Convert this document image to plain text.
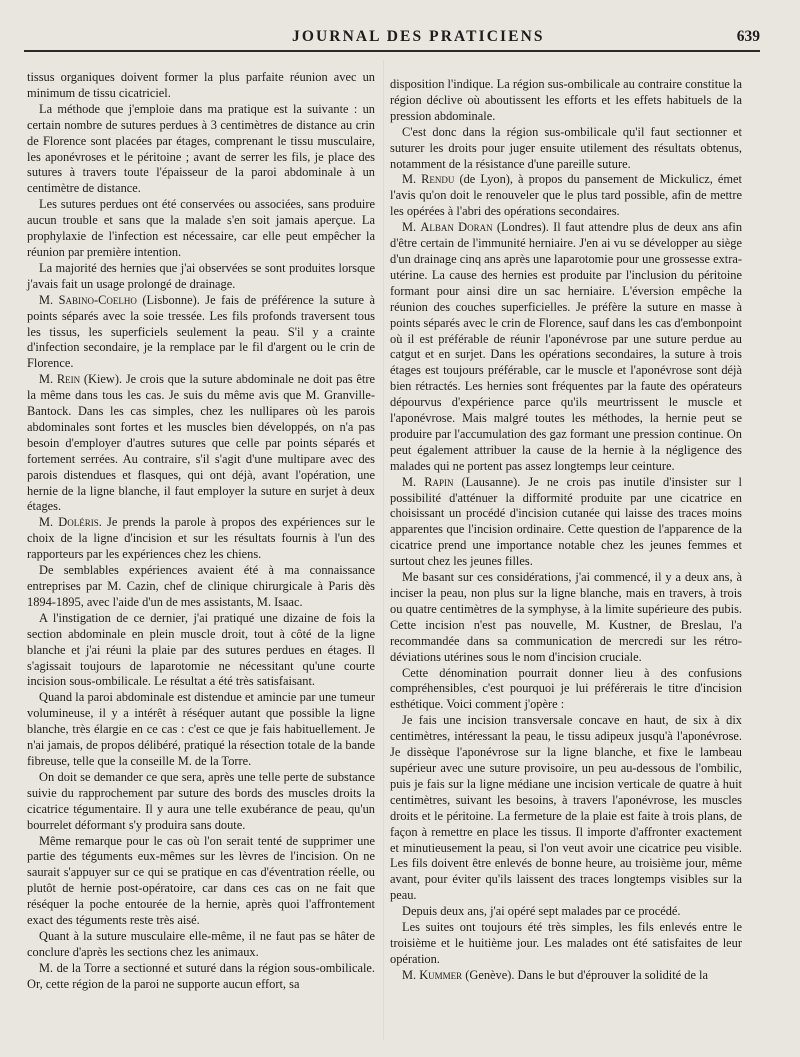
JOURNAL DES PRATICIENS	639

tissus organiques doivent former la plus parfaite réunion avec un minimum de tissu cicatriciel.

La méthode que j'emploie dans ma pratique est la suivante : un certain nombre de sutures perdues à 3 centimètres de distance au crin de Florence sont placées par étages, comprenant le tissu musculaire, les aponévroses et le péritoine ; avant de serrer les fils, je place des sutures à travers toute l'épaisseur de la paroi abdominale à un centimètre de distance.

Les sutures perdues ont été conservées ou associées, sans produire aucun trouble et sans que la malade s'en soit jamais aperçue. La prophylaxie de l'infection est nécessaire, car elle peut empêcher la réunion par première intention.

La majorité des hernies que j'ai observées se sont produites lorsque j'avais fait un usage prolongé de drainage.

M. Sabino-Coelho (Lisbonne). Je fais de préférence la suture à points séparés avec la soie tressée. Les fils profonds traversent tous les tissus, les superficiels seulement la peau. S'il y a crainte d'infection secondaire, je la remplace par le fil d'argent ou le crin de Florence.

M. Rein (Kiew). Je crois que la suture abdominale ne doit pas être la même dans tous les cas. Je suis du même avis que M. Granville-Bantock. Dans les cas simples, chez les nullipares où les parois abdominales sont fortes et les muscles bien développés, on n'a pas besoin d'employer d'autres sutures que celle par points séparés et fortement serrées. Au contraire, s'il s'agit d'une multipare avec des parois distendues et flasques, qui ont déjà, avant l'opération, une hernie de la ligne blanche, il faut employer la suture en surjet à deux étages.

M. Doléris. Je prends la parole à propos des expériences sur le choix de la ligne d'incision et sur les résultats fournis à l'un des rapporteurs par les expériences chez les chiens.

De semblables expériences avaient été à ma connaissance entreprises par M. Cazin, chef de clinique chirurgicale à Paris dès 1894-1895, avec l'aide d'un de mes assistants, M. Isaac.

A l'instigation de ce dernier, j'ai pratiqué une dizaine de fois la section abdominale en plein muscle droit, tout à côté de la ligne blanche et j'ai réuni la plaie par des sutures perdues en étages. Il s'agissait toujours de laparotomie ne nécessitant qu'une courte incision sous-ombilicale. Le résultat a été très satisfaisant.

Quand la paroi abdominale est distendue et amincie par une tumeur volumineuse, il y a intérêt à réséquer autant que possible la ligne blanche, très élargie en ce cas : c'est ce que je fais habituellement. Je n'ai jamais, de propos délibéré, pratiqué la résection totale de la bande fibreuse, telle que la conseille M. de la Torre.

On doit se demander ce que sera, après une telle perte de substance suivie du rapprochement par suture des bords des muscles droits la cicatrice tégumentaire. Il y aura une telle exubérance de peau, qu'un bourrelet déformant s'y produira sans doute.

Même remarque pour le cas où l'on serait tenté de supprimer une partie des téguments eux-mêmes sur les lèvres de l'incision. On ne saurait s'appuyer sur ce qui se pratique en cas d'éventration réelle, ou plutôt de hernie post-opératoire, car dans ces cas on ne fait que réséquer la poche entourée de la hernie, après quoi l'affrontement exact des téguments reste très aisé.

Quant à la suture musculaire elle-même, il ne faut pas se hâter de conclure d'après les sections chez les animaux.

M. de la Torre a sectionné et suturé dans la région sous-ombilicale. Or, cette région de la paroi ne supporte aucun effort, sa

disposition l'indique. La région sus-ombilicale au contraire constitue la région déclive où aboutissent les efforts et les effets habituels de la pression abdominale.

C'est donc dans la région sus-ombilicale qu'il faut sectionner et suturer les droits pour juger ensuite utilement des résultats obtenus, notamment de la résistance d'une pareille suture.

M. Rendu (de Lyon), à propos du pansement de Mickulicz, émet l'avis qu'on doit le renouveler que le plus tard possible, afin de mettre les opérées à l'abri des opérations secondaires.

M. Alban Doran (Londres). Il faut attendre plus de deux ans afin d'être certain de l'immunité herniaire. J'en ai vu se développer au siège d'un drainage cinq ans après une laparotomie pour une grossesse extra-utérine. La cause des hernies est produite par l'inclusion du péritoine formant pour ainsi dire un sac herniaire. L'éversion empêche la réunion des couches superficielles. Je préfère la suture en masse à points séparés avec le crin de Florence, sauf dans les cas d'embonpoint où il est préférable de réunir l'aponévrose par une suture perdue au catgut et en surjet. Dans les opérations secondaires, la suture à trois étages est toujours préférable, car le muscle et l'aponévrose sont déjà bien rétractés. Les hernies sont fréquentes par la faute des opérateurs dépourvus d'expérience parce qu'ils meurtrissent le muscle et l'aponévrose. Mais malgré toutes les méthodes, la hernie peut se produire par l'accumulation des gaz formant une pression continue. On peut également attribuer la cause de la hernie à la négligence des malades qui ne portent pas assez longtemps leur ceinture.

M. Rapin (Lausanne). Je ne crois pas inutile d'insister sur l possibilité d'atténuer la difformité produite par une cicatrice en choisissant un procédé d'incision cutanée qui laisse des traces moins apparentes que l'incision ordinaire. Cette question de l'apparence de la cicatrice prend une importance notable chez les jeunes femmes et surtout chez les jeunes filles.

Me basant sur ces considérations, j'ai commencé, il y a deux ans, à inciser la peau, non plus sur la ligne blanche, mais en travers, à trois ou quatre centimètres de la symphyse, à la limite supérieure des pubis. Cette incision n'est pas nouvelle, M. Kustner, de Breslau, l'a recommandée dans sa communication de mercredi sur les rétro-déviations utérines sous le nom d'incision cruciale.

Cette dénomination pourrait donner lieu à des confusions compréhensibles, c'est pourquoi je lui préférerais le titre d'incision esthétique. Voici comment j'opère :

Je fais une incision transversale concave en haut, de six à dix centimètres, intéressant la peau, le tissu adipeux jusqu'à l'aponévrose. Je dissèque l'aponévrose sur la ligne blanche, et fixe le lambeau supérieur avec une suture provisoire, un peu au-dessous de l'ombilic, puis je fais sur la ligne médiane une incision verticale de quatre à huit centimètres, suivant les besoins, à travers l'aponévrose, les muscles droits et le péritoine. La fermeture de la plaie est faite à trois plans, de façon à remettre en place les tissus. Il importe d'affronter exactement et minutieusement la peau, si l'on veut avoir une cicatrice peu visible. Les fils doivent être enlevés de bonne heure, au troisième jour, même avant, pour éviter qu'ils laissent des traces longtemps visibles sur la peau.

Depuis deux ans, j'ai opéré sept malades par ce procédé.

Les suites ont toujours été très simples, les fils enlevés entre le troisième et le huitième jour. Les malades ont été satisfaites de leur opération.

M. Kummer (Genève). Dans le but d'éprouver la solidité de la
